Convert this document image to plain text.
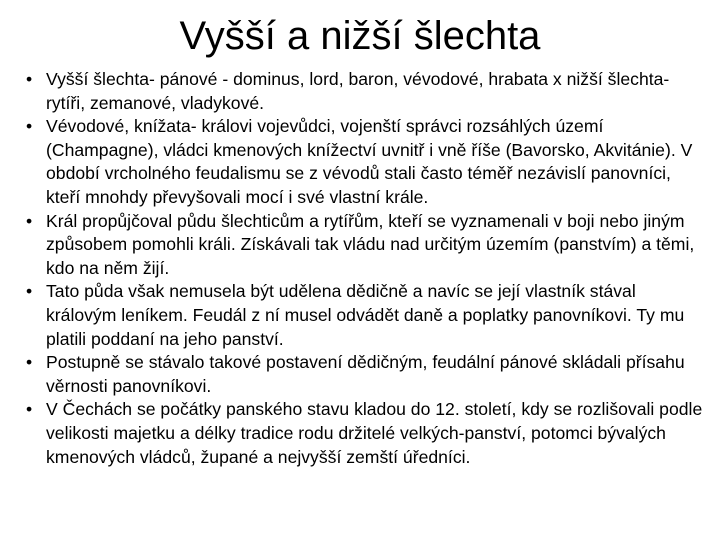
Vyšší a nižší šlechta
• Vyšší šlechta- pánové - dominus, lord, baron, vévodové, hrabata x nižší šlechta- rytíři, zemanové, vladykové.
• Vévodové, knížata- královi vojevůdci, vojenští správci rozsáhlých území (Champagne), vládci kmenových knížectví uvnitř i vně říše (Bavorsko, Akvitánie). V období vrcholného feudalismu se z vévodů stali často téměř nezávislí panovníci, kteří mnohdy převyšovali mocí i své vlastní krále.
• Král propůjčoval půdu šlechticům a rytířům, kteří se vyznamenali v boji nebo jiným způsobem pomohli králi. Získávali tak vládu nad určitým územím (panstvím) a těmi, kdo na něm žijí.
• Tato půda však nemusela být udělena dědičně a navíc se její vlastník stával královým leníkem. Feudál z ní musel odvádět daně a poplatky panovníkovi. Ty mu platili poddaní na jeho panství.
• Postupně se stávalo takové postavení dědičným, feudální pánové skládali přísahu věrnosti panovníkovi.
• V Čechách se počátky panského stavu kladou do 12. století, kdy se rozlišovali podle velikosti majetku a délky tradice rodu držitelé velkých-panství, potomci bývalých kmenových vládců, župané a nejvyšší zemští úředníci.
